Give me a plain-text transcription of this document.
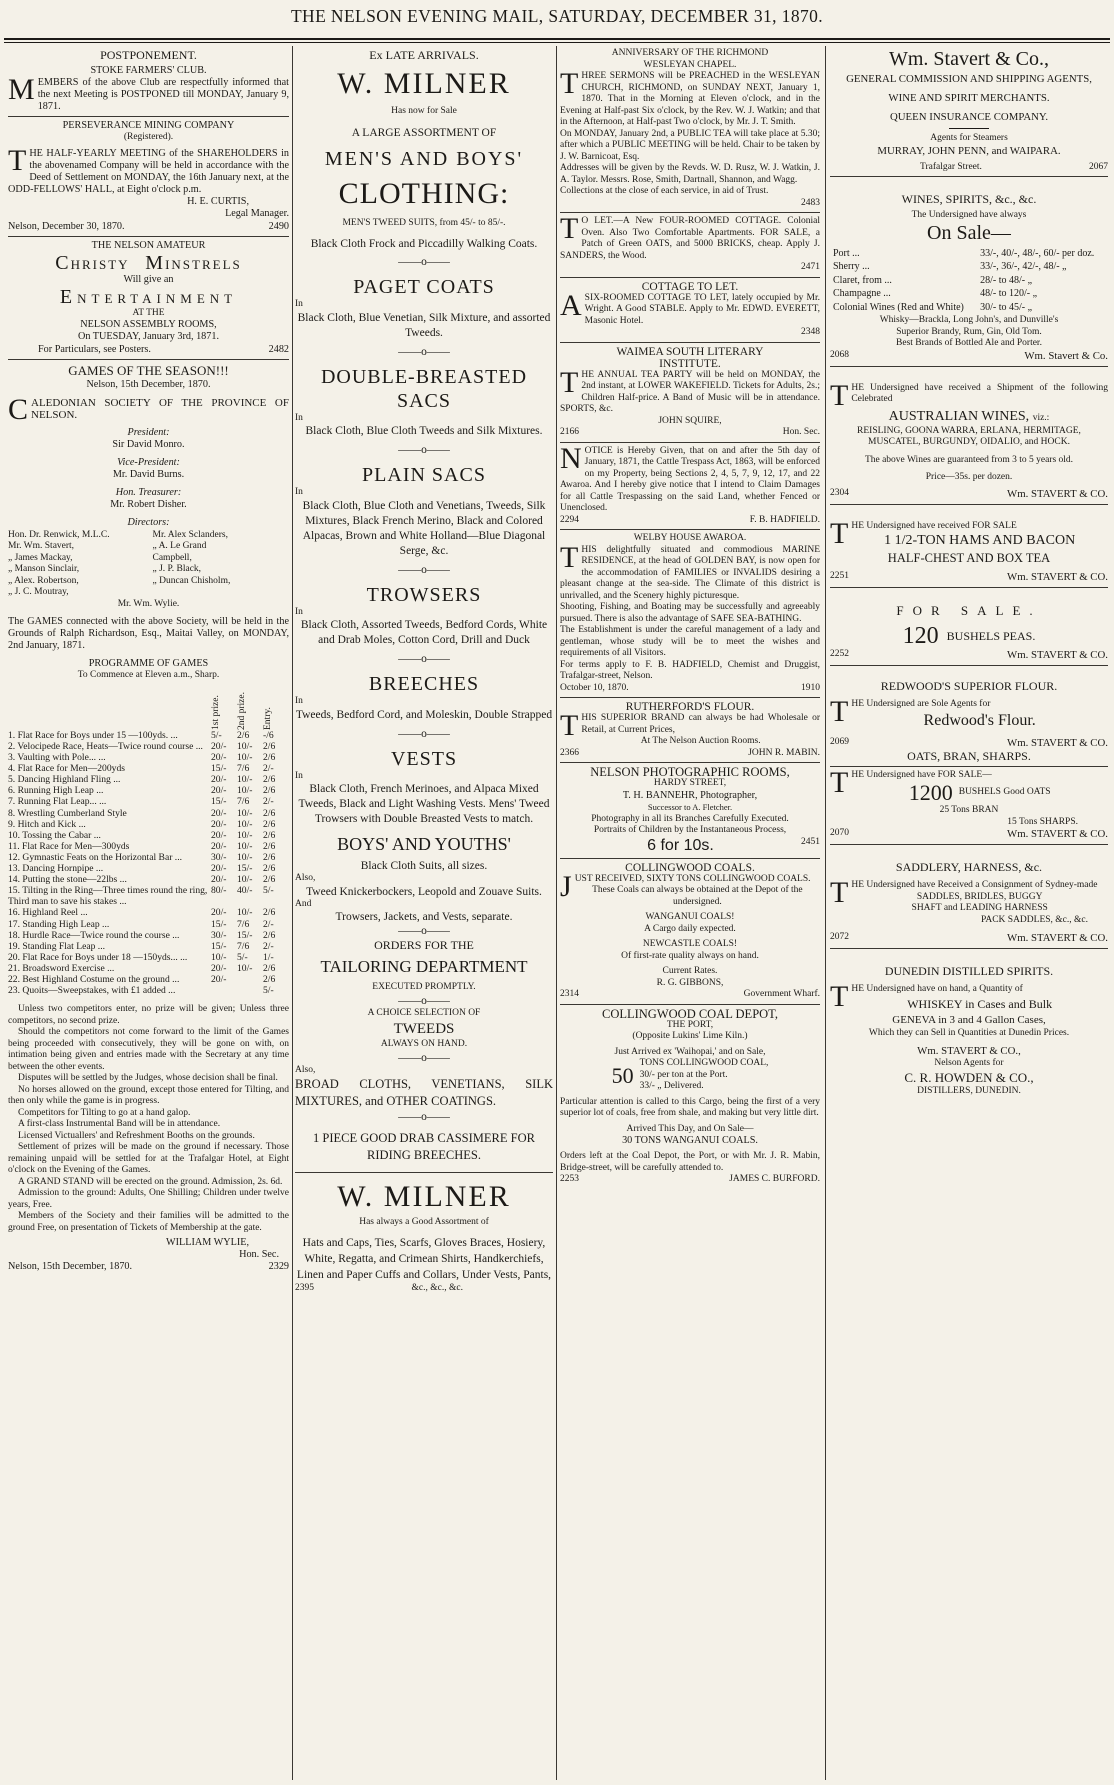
THE NELSON EVENING MAIL, SATURDAY, DECEMBER 31, 1870.
POSTPONEMENT.
STOKE FARMERS' CLUB.
MEMBERS of the above Club are respectfully informed that the next Meeting is POSTPONED till MONDAY, January 9, 1871.
PERSEVERANCE MINING COMPANY
(Registered).
THE HALF-YEARLY MEETING of the SHAREHOLDERS in the abovenamed Company will be held in accordance with the Deed of Settlement on MONDAY, the 16th January next, at the ODD-FELLOWS' HALL, at Eight o'clock p.m.
H. E. CURTIS,
Legal Manager.
Nelson, December 30, 1870.	2490
THE NELSON AMATEUR
CHRISTY MINSTRELS
Will give an
ENTERTAINMENT
AT THE
NELSON ASSEMBLY ROOMS,
On TUESDAY, January 3rd, 1871.
For Particulars, see Posters.	2482
GAMES OF THE SEASON!!!
Nelson, 15th December, 1870.
CALEDONIAN SOCIETY OF THE PROVINCE OF NELSON.
President:
Sir David Monro.
Vice-President:
Mr. David Burns.
Hon. Treasurer:
Mr. Robert Disher.
Directors:
Hon. Dr. Renwick, M.L.C.
Mr. Wm. Stavert,
„ James Mackay,
„ Manson Sinclair,
„ Alex. Robertson,
„ J. C. Moutray,
Mr. Alex Sclanders,
„ A. Le Grand
Campbell,
„ J. P. Black,
„ Duncan Chisholm,
Mr. Wm. Wylie.
The GAMES connected with the above Society, will be held in the Grounds of Ralph Richardson, Esq., Maitai Valley, on MONDAY, 2nd January, 1871.
PROGRAMME OF GAMES
To Commence at Eleven a.m., Sharp.

	1st prize.	2nd prize.	Entry.

1. Flat Race for Boys under 15 —100yds. ...	5/-	2/6	-/6
2. Velocipede Race, Heats—Twice round course ...	20/-	10/-	2/6
3. Vaulting with Pole... ...	20/-	10/-	2/6
4. Flat Race for Men—200yds	15/-	7/6	2/-
5. Dancing Highland Fling ...	20/-	10/-	2/6
6. Running High Leap ...	20/-	10/-	2/6
7. Running Flat Leap... ...	15/-	7/6	2/-
8. Wrestling Cumberland Style	20/-	10/-	2/6
9. Hitch and Kick ...	20/-	10/-	2/6
10. Tossing the Cabar ...	20/-	10/-	2/6
11. Flat Race for Men—300yds	20/-	10/-	2/6
12. Gymnastic Feats on the Horizontal Bar ...	30/-	10/-	2/6
13. Dancing Hornpipe ...	20/-	15/-	2/6
14. Putting the stone—22lbs ...	20/-	10/-	2/6
15. Tilting in the Ring—Three times round the ring, Third man to save his stakes ...	80/-	40/-	5/-
16. Highland Reel ...	20/-	10/-	2/6
17. Standing High Leap ...	15/-	7/6	2/-
18. Hurdle Race—Twice round the course ...	30/-	15/-	2/6
19. Standing Flat Leap ...	15/-	7/6	2/-
20. Flat Race for Boys under 18 —150yds... ...	10/-	5/-	1/-
21. Broadsword Exercise ...	20/-	10/-	2/6
22. Best Highland Costume on the ground ...	20/-		2/6
23. Quoits—Sweepstakes, with £1 added ...			5/-
Unless two competitors enter, no prize will be given; Unless three competitors, no second prize.
Should the competitors not come forward to the limit of the Games being proceeded with consecutively, they will be gone on with, on intimation being given and entries made with the Secretary at any time between the other events.
Disputes will be settled by the Judges, whose decision shall be final.
No horses allowed on the ground, except those entered for Tilting, and then only while the game is in progress.
Competitors for Tilting to go at a hand galop.
A first-class Instrumental Band will be in attendance.
Licensed Victuallers' and Refreshment Booths on the grounds.
Settlement of prizes will be made on the ground if necessary. Those remaining unpaid will be settled for at the Trafalgar Hotel, at Eight o'clock on the Evening of the Games.
A GRAND STAND will be erected on the ground. Admission, 2s. 6d.
Admission to the ground: Adults, One Shilling; Children under twelve years, Free.
Members of the Society and their families will be admitted to the ground Free, on presentation of Tickets of Membership at the gate.
WILLIAM WYLIE,
Hon. Sec.
Nelson, 15th December, 1870.	2329
Ex LATE ARRIVALS.
W. MILNER
Has now for Sale
A LARGE ASSORTMENT OF
MEN'S AND BOYS'
CLOTHING:
MEN'S TWEED SUITS, from 45/- to 85/-.
Black Cloth Frock and Piccadilly Walking Coats.
——o——
PAGET COATS
In
Black Cloth, Blue Venetian, Silk Mixture, and assorted Tweeds.
——o——
DOUBLE-BREASTED SACS
In
Black Cloth, Blue Cloth Tweeds and Silk Mixtures.
——o——
PLAIN SACS
In
Black Cloth, Blue Cloth and Venetians, Tweeds, Silk Mixtures, Black French Merino, Black and Colored Alpacas, Brown and White Holland—Blue Diagonal Serge, &c.
——o——
TROWSERS
In
Black Cloth, Assorted Tweeds, Bedford Cords, White and Drab Moles, Cotton Cord, Drill and Duck
——o——
BREECHES
In
Tweeds, Bedford Cord, and Moleskin, Double Strapped
——o——
VESTS
In
Black Cloth, French Merinoes, and Alpaca Mixed Tweeds, Black and Light Washing Vests. Mens' Tweed Trowsers with Double Breasted Vests to match.
BOYS' AND YOUTHS'
Black Cloth Suits, all sizes.
Also,
Tweed Knickerbockers, Leopold and Zouave Suits.
And
Trowsers, Jackets, and Vests, separate.
——o——
ORDERS FOR THE
TAILORING DEPARTMENT
EXECUTED PROMPTLY.
——o——
A CHOICE SELECTION OF
TWEEDS
ALWAYS ON HAND.
——o——
Also,
BROAD CLOTHS, VENETIANS, SILK MIXTURES, and OTHER COATINGS.
——o——
1 PIECE GOOD DRAB CASSIMERE FOR RIDING BREECHES.
W. MILNER
Has always a Good Assortment of
Hats and Caps, Ties, Scarfs, Gloves Braces, Hosiery, White, Regatta, and Crimean Shirts, Handkerchiefs, Linen and Paper Cuffs and Collars, Under Vests, Pants,
2395	&c., &c., &c.
ANNIVERSARY OF THE RICHMOND
WESLEYAN CHAPEL.
THREE SERMONS will be PREACHED in the WESLEYAN CHURCH, RICHMOND, on SUNDAY NEXT, January 1, 1870. That in the Morning at Eleven o'clock, and in the Evening at Half-past Six o'clock, by the Rev. W. J. Watkin; and that in the Afternoon, at Half-past Two o'clock, by Mr. J. T. Smith.
On MONDAY, January 2nd, a PUBLIC TEA will take place at 5.30; after which a PUBLIC MEETING will be held. Chair to be taken by J. W. Barnicoat, Esq.
Addresses will be given by the Revds. W. D. Rusz, W. J. Watkin, J. A. Taylor. Messrs. Rose, Smith, Dartnall, Shannon, and Wagg.
Collections at the close of each service, in aid of Trust.
2483
T O LET.—A New FOUR-ROOMED COTTAGE. Colonial Oven. Also Two Comfortable Apartments. FOR SALE, a Patch of Green OATS, and 5000 BRICKS, cheap. Apply J. SANDERS, the Wood.
2471
COTTAGE TO LET.
ASIX-ROOMED COTTAGE TO LET, lately occupied by Mr. Wright. A Good STABLE. Apply to Mr. EDWD. EVERETT, Masonic Hotel.
2348
WAIMEA SOUTH LITERARY
INSTITUTE.
THE ANNUAL TEA PARTY will be held on MONDAY, the 2nd instant, at LOWER WAKEFIELD. Tickets for Adults, 2s.; Children Half-price. A Band of Music will be in attendance. SPORTS, &c.
JOHN SQUIRE,
2166	Hon. Sec.
NOTICE is Hereby Given, that on and after the 5th day of January, 1871, the Cattle Trespass Act, 1863, will be enforced on my Property, being Sections 2, 4, 5, 7, 9, 12, 17, and 22 Awaroa. And I hereby give notice that I intend to Claim Damages for all Cattle Trespassing on the said Land, whether Fenced or Unenclosed.
2294	F. B. HADFIELD.
WELBY HOUSE AWAROA.
THIS delightfully situated and commodious MARINE RESIDENCE, at the head of GOLDEN BAY, is now open for the accommodation of FAMILIES or INVALIDS desiring a pleasant change at the sea-side. The Climate of this district is unrivalled, and the Scenery highly picturesque.
Shooting, Fishing, and Boating may be successfully and agreeably pursued. There is also the advantage of SAFE SEA-BATHING.
The Establishment is under the careful management of a lady and gentleman, whose study will be to meet the wishes and requirements of all Visitors.
For terms apply to F. B. HADFIELD, Chemist and Druggist, Trafalgar-street, Nelson.
October 10, 1870.	1910
RUTHERFORD'S FLOUR.
THIS SUPERIOR BRAND can always be had Wholesale or Retail, at Current Prices,
At The Nelson Auction Rooms.
2366	JOHN R. MABIN.
NELSON PHOTOGRAPHIC ROOMS,
HARDY STREET,
T. H. BANNEHR, Photographer,
Successor to A. Fletcher.
Photography in all its Branches Carefully Executed.
Portraits of Children by the Instantaneous Process,
6 for 10s.	2451
COLLINGWOOD COALS.
JUST RECEIVED, SIXTY TONS COLLINGWOOD COALS.
These Coals can always be obtained at the Depot of the undersigned.
WANGANUI COALS!
A Cargo daily expected.
NEWCASTLE COALS!
Of first-rate quality always on hand.
Current Rates.
R. G. GIBBONS,
2314	Government Wharf.
COLLINGWOOD COAL DEPOT,
THE PORT,
(Opposite Lukins' Lime Kiln.)
Just Arrived ex 'Waihopai,' and on Sale,
50 TONS COLLINGWOOD COAL,
30/- per ton at the Port.
33/- „ Delivered.
Particular attention is called to this Cargo, being the first of a very superior lot of coals, free from shale, and making but very little dirt.
Arrived This Day, and On Sale—
30 TONS WANGANUI COALS.
Orders left at the Coal Depot, the Port, or with Mr. J. R. Mabin, Bridge-street, will be carefully attended to.
2253	JAMES C. BURFORD.
Wm. Stavert & Co.,
GENERAL COMMISSION AND SHIPPING AGENTS,
WINE AND SPIRIT MERCHANTS.
QUEEN INSURANCE COMPANY.
Agents for Steamers
MURRAY, JOHN PENN, and WAIPARA.
Trafalgar Street.	2067
WINES, SPIRITS, &c., &c.
The Undersigned have always
On Sale—
Port ...	33/-, 40/-, 48/-, 60/- per doz.
Sherry ...	33/-, 36/-, 42/-, 48/- „
Claret, from ...	28/- to 48/- „
Champagne ...	48/- to 120/- „
Colonial Wines (Red and White)	30/- to 45/- „
Whisky—Brackla, Long John's, and Dunville's
Superior Brandy, Rum, Gin, Old Tom.
Best Brands of Bottled Ale and Porter.
2068	Wm. Stavert & Co.
THE Undersigned have received a Shipment of the following Celebrated
AUSTRALIAN WINES, viz.:
REISLING, GOONA WARRA, ERLANA, HERMITAGE, MUSCATEL, BURGUNDY, OIDALIO, and HOCK.
The above Wines are guaranteed from 3 to 5 years old.
Price—35s. per dozen.
2304	Wm. STAVERT & CO.
THE Undersigned have received FOR SALE
1 1/2-TON HAMS AND BACON
HALF-CHEST AND BOX TEA
2251	Wm. STAVERT & CO.
FOR SALE.
120 BUSHELS PEAS.
2252	Wm. STAVERT & CO.
REDWOOD'S SUPERIOR FLOUR.
THE Undersigned are Sole Agents for
Redwood's Flour.
2069	Wm. STAVERT & CO.
OATS, BRAN, SHARPS.
THE Undersigned have FOR SALE—
1200 BUSHELS Good OATS
25 Tons BRAN
15 Tons SHARPS.
2070	Wm. STAVERT & CO.
SADDLERY, HARNESS, &c.
THE Undersigned have Received a Consignment of Sydney-made
SADDLES, BRIDLES, BUGGY
SHAFT and LEADING HARNESS
PACK SADDLES, &c., &c.
2072	Wm. STAVERT & CO.
DUNEDIN DISTILLED SPIRITS.
THE Undersigned have on hand, a Quantity of
WHISKEY in Cases and Bulk
GENEVA in 3 and 4 Gallon Cases,
Which they can Sell in Quantities at Dunedin Prices.
Wm. STAVERT & CO.,
Nelson Agents for
C. R. HOWDEN & CO.,
DISTILLERS, DUNEDIN.
